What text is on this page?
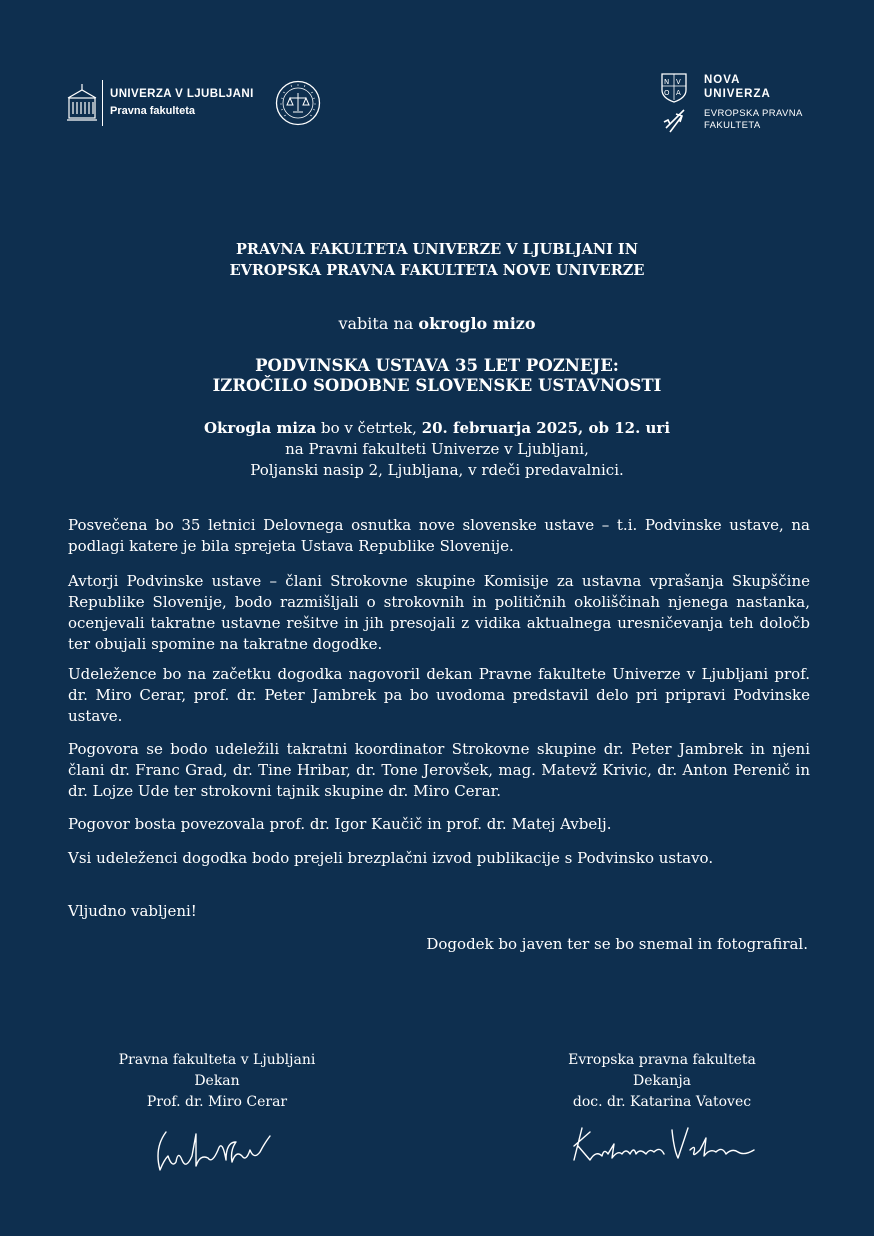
UNIVERZA V LJUBLJANI
Pravna fakulteta
N V
O A
NOVA
UNIVERZA
EVROPSKA PRAVNA
FAKULTETA
PRAVNA FAKULTETA UNIVERZE V LJUBLJANI IN
EVROPSKA PRAVNA FAKULTETA NOVE UNIVERZE
vabita na okroglo mizo
PODVINSKA USTAVA 35 LET POZNEJE:
IZROČILO SODOBNE SLOVENSKE USTAVNOSTI
Okrogla miza bo v četrtek, 20. februarja 2025, ob 12. uri
na Pravni fakulteti Univerze v Ljubljani,
Poljanski nasip 2, Ljubljana, v rdeči predavalnici.

Posvečena bo 35 letnici Delovnega osnutka nove slovenske ustave – t.i. Podvinske ustave, na podlagi katere je bila sprejeta Ustava Republike Slovenije.

Avtorji Podvinske ustave – člani Strokovne skupine Komisije za ustavna vprašanja Skupščine Republike Slovenije, bodo razmišljali o strokovnih in političnih okoliščinah njenega nastanka, ocenjevali takratne ustavne rešitve in jih presojali z vidika aktualnega uresničevanja teh določb ter obujali spomine na takratne dogodke.

Udeležence bo na začetku dogodka nagovoril dekan Pravne fakultete Univerze v Ljubljani prof. dr. Miro Cerar, prof. dr. Peter Jambrek pa bo uvodoma predstavil delo pri pripravi Podvinske ustave.

Pogovora se bodo udeležili takratni koordinator Strokovne skupine dr. Peter Jambrek in njeni člani dr. Franc Grad, dr. Tine Hribar, dr. Tone Jerovšek, mag. Matevž Krivic, dr. Anton Perenič in dr. Lojze Ude ter strokovni tajnik skupine dr. Miro Cerar.

Pogovor bosta povezovala prof. dr. Igor Kaučič in prof. dr. Matej Avbelj.

Vsi udeleženci dogodka bodo prejeli brezplačni izvod publikacije s Podvinsko ustavo.

Vljudno vabljeni!
Dogodek bo javen ter se bo snemal in fotografiral.
Pravna fakulteta v Ljubljani
Dekan
Prof. dr. Miro Cerar
Evropska pravna fakulteta
Dekanja
doc. dr. Katarina Vatovec
